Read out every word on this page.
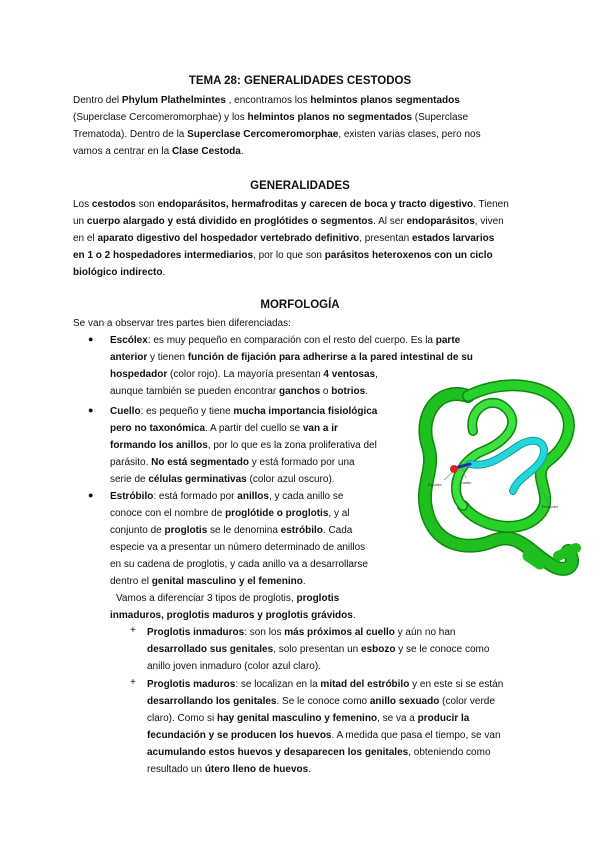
TEMA 28: GENERALIDADES CESTODOS
Dentro del Phylum Plathelmintes , encontramos los helmintos planos segmentados
(Superclase Cercomeromorphae) y los helmintos planos no segmentados (Superclase
Trematoda). Dentro de la Superclase Cercomeromorphae, existen varias clases, pero nos
vamos a centrar en la Clase Cestoda.
GENERALIDADES
Los cestodos son endoparásitos, hermafroditas y carecen de boca y tracto digestivo. Tienen
un cuerpo alargado y está dividido en proglótides o segmentos. Al ser endoparásitos, viven
en el aparato digestivo del hospedador vertebrado definitivo, presentan estados larvarios
en 1 o 2 hospedadores intermediarios, por lo que son parásitos heteroxenos con un ciclo
biológico indirecto.
MORFOLOGÍA
Se van a observar tres partes bien diferenciadas:
● Escólex: es muy pequeño en comparación con el resto del cuerpo. Es la parte
anterior y tienen función de fijación para adherirse a la pared intestinal de su
hospedador (color rojo). La mayoría presentan 4 ventosas,
aunque también se pueden encontrar ganchos o botrios.
● Cuello: es pequeño y tiene mucha importancia fisiológica
pero no taxonómica. A partir del cuello se van a ir
formando los anillos, por lo que es la zona proliferativa del
parásito. No está segmentado y está formado por una
serie de células germinativas (color azul oscuro).
● Estróbilo: está formado por anillos, y cada anillo se
conoce con el nombre de proglótide o proglotis, y al
conjunto de proglotis se le denomina estróbilo. Cada
especie va a presentar un número determinado de anillos
en su cadena de proglotis, y cada anillo va a desarrollarse
dentro el genital masculino y el femenino.
Vamos a diferenciar 3 tipos de proglotis, proglotis
inmaduros, proglotis maduros y proglotis grávidos.
+ Proglotis inmaduros: son los más próximos al cuello y aún no han
desarrollado sus genitales, solo presentan un esbozo y se le conoce como
anillo joven inmaduro (color azul claro).
+ Proglotis maduros: se localizan en la mitad del estróbilo y en este si se están
desarrollando los genitales. Se le conoce como anillo sexuado (color verde
claro). Como si hay genital masculino y femenino, se va a producir la
fecundación y se producen los huevos. A medida que pasa el tiempo, se van
acumulando estos huevos y desaparecen los genitales, obteniendo como
resultado un útero lleno de huevos.
Escólex	Cuello
Proglotid
